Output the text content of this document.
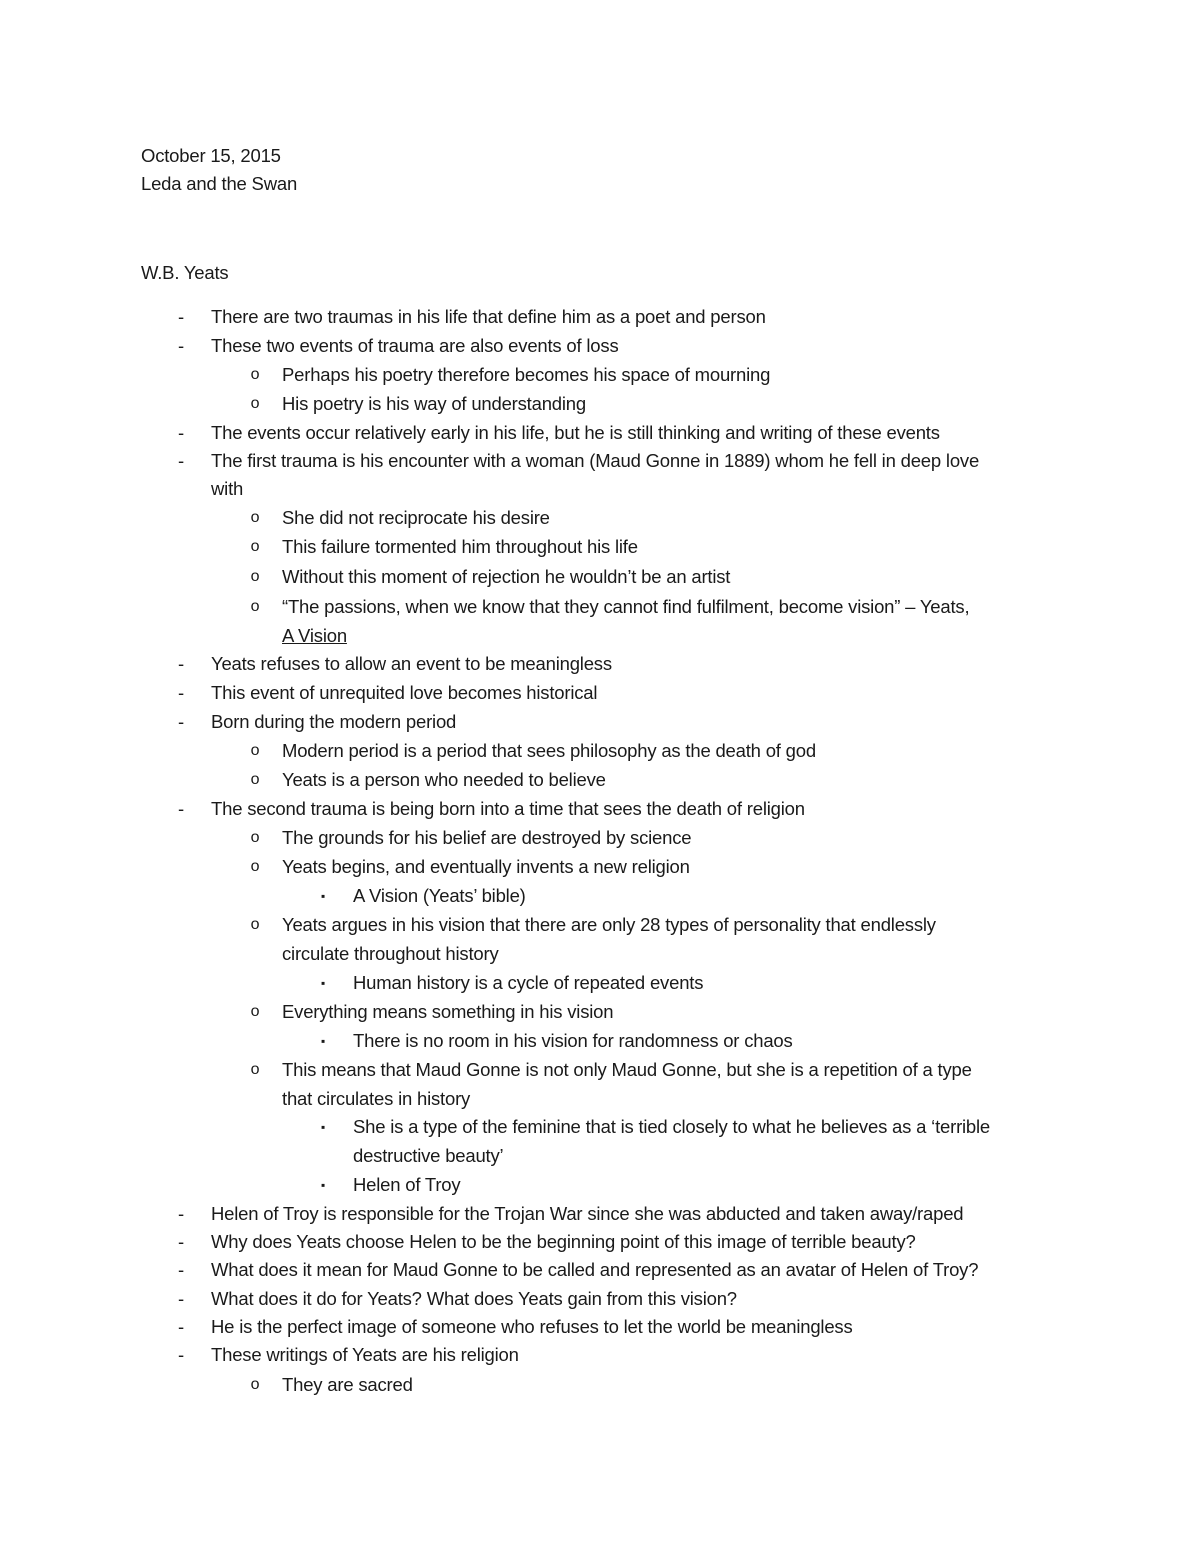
October 15, 2015
Leda and the Swan
W.B. Yeats
-	There are two traumas in his life that define him as a poet and person
-	These two events of trauma are also events of loss
o	Perhaps his poetry therefore becomes his space of mourning
o	His poetry is his way of understanding
-	The events occur relatively early in his life, but he is still thinking and writing of these events
-	The first trauma is his encounter with a woman (Maud Gonne in 1889) whom he fell in deep love
with
o	She did not reciprocate his desire
o	This failure tormented him throughout his life
o	Without this moment of rejection he wouldn’t be an artist
o	“The passions, when we know that they cannot find fulfilment, become vision” – Yeats,
A Vision
-	Yeats refuses to allow an event to be meaningless
-	This event of unrequited love becomes historical
-	Born during the modern period
o	Modern period is a period that sees philosophy as the death of god
o	Yeats is a person who needed to believe
-	The second trauma is being born into a time that sees the death of religion
o	The grounds for his belief are destroyed by science
o	Yeats begins, and eventually invents a new religion
▪	A Vision (Yeats’ bible)
o	Yeats argues in his vision that there are only 28 types of personality that endlessly
circulate throughout history
▪	Human history is a cycle of repeated events
o	Everything means something in his vision
▪	There is no room in his vision for randomness or chaos
o	This means that Maud Gonne is not only Maud Gonne, but she is a repetition of a type
that circulates in history
▪	She is a type of the feminine that is tied closely to what he believes as a ‘terrible
destructive beauty’
▪	Helen of Troy
-	Helen of Troy is responsible for the Trojan War since she was abducted and taken away/raped
-	Why does Yeats choose Helen to be the beginning point of this image of terrible beauty?
-	What does it mean for Maud Gonne to be called and represented as an avatar of Helen of Troy?
-	What does it do for Yeats? What does Yeats gain from this vision?
-	He is the perfect image of someone who refuses to let the world be meaningless
-	These writings of Yeats are his religion
o	They are sacred
